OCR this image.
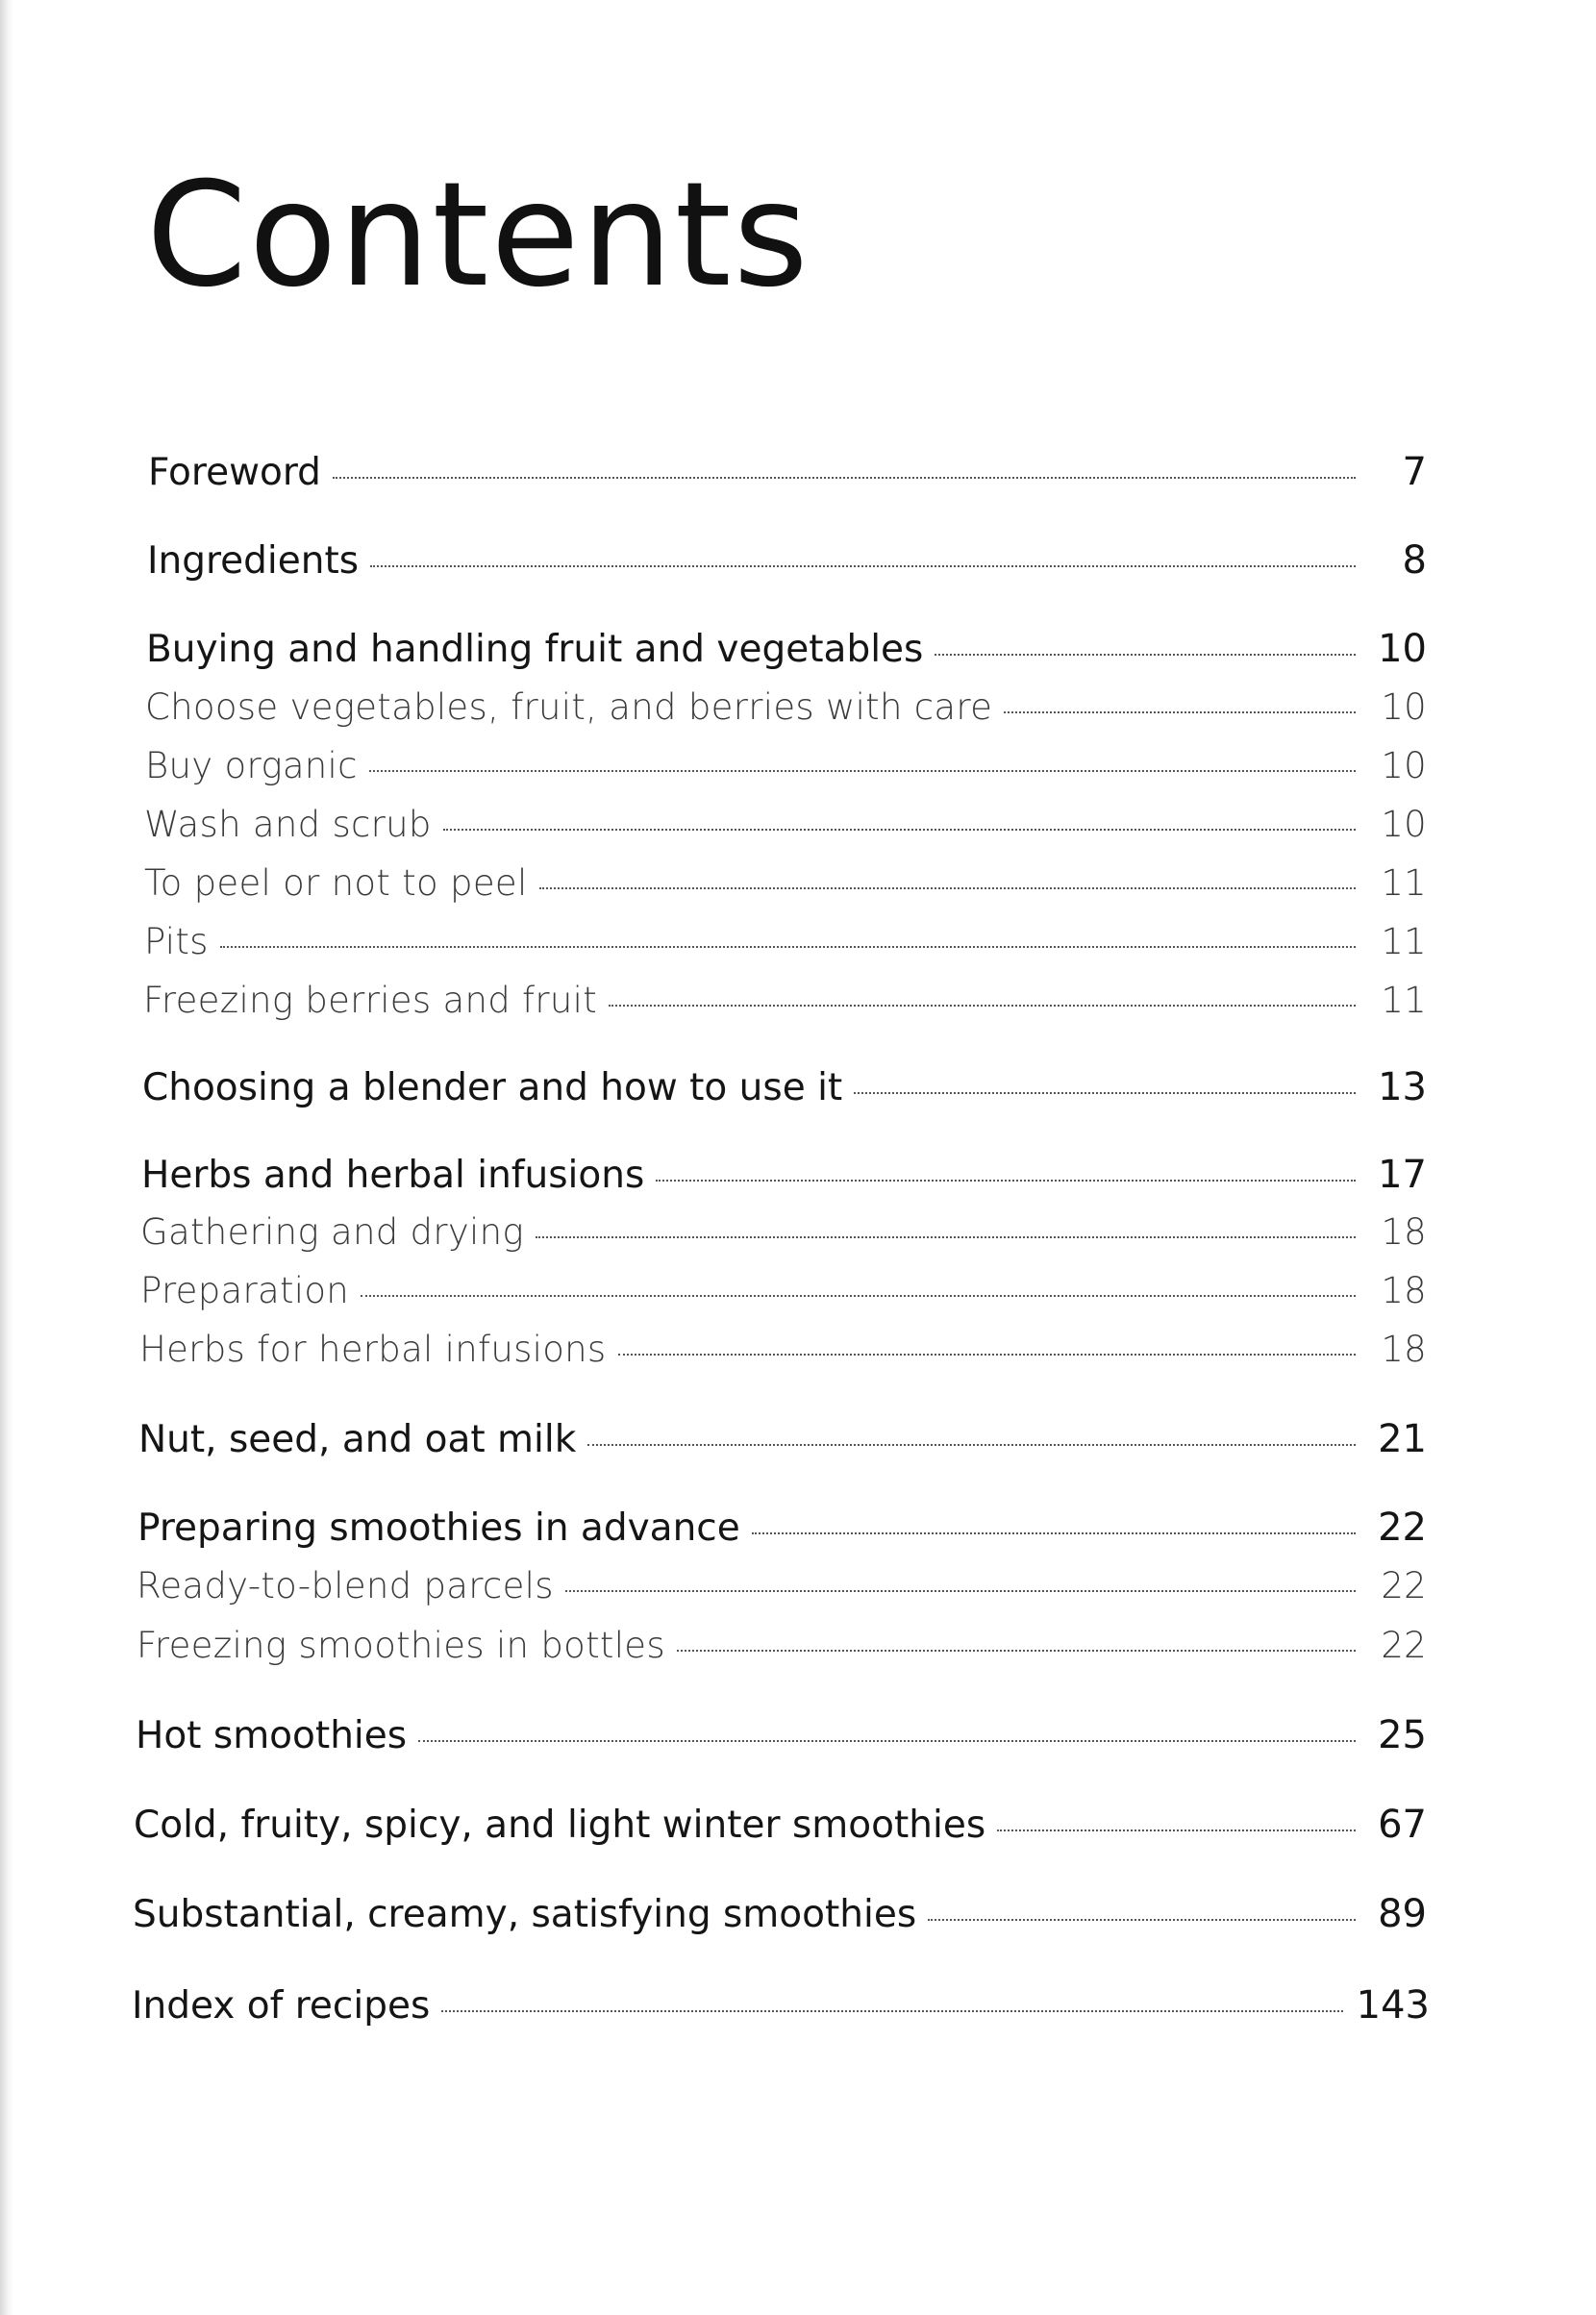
Contents
Foreword	7
Ingredients	8
Buying and handling fruit and vegetables	10
Choose vegetables, fruit, and berries with care	10
Buy organic	10
Wash and scrub	10
To peel or not to peel	11
Pits	11
Freezing berries and fruit	11
Choosing a blender and how to use it	13
Herbs and herbal infusions	17
Gathering and drying	18
Preparation	18
Herbs for herbal infusions	18
Nut, seed, and oat milk	21
Preparing smoothies in advance	22
Ready-to-blend parcels	22
Freezing smoothies in bottles	22
Hot smoothies	25
Cold, fruity, spicy, and light winter smoothies	67
Substantial, creamy, satisfying smoothies	89
Index of recipes	143
